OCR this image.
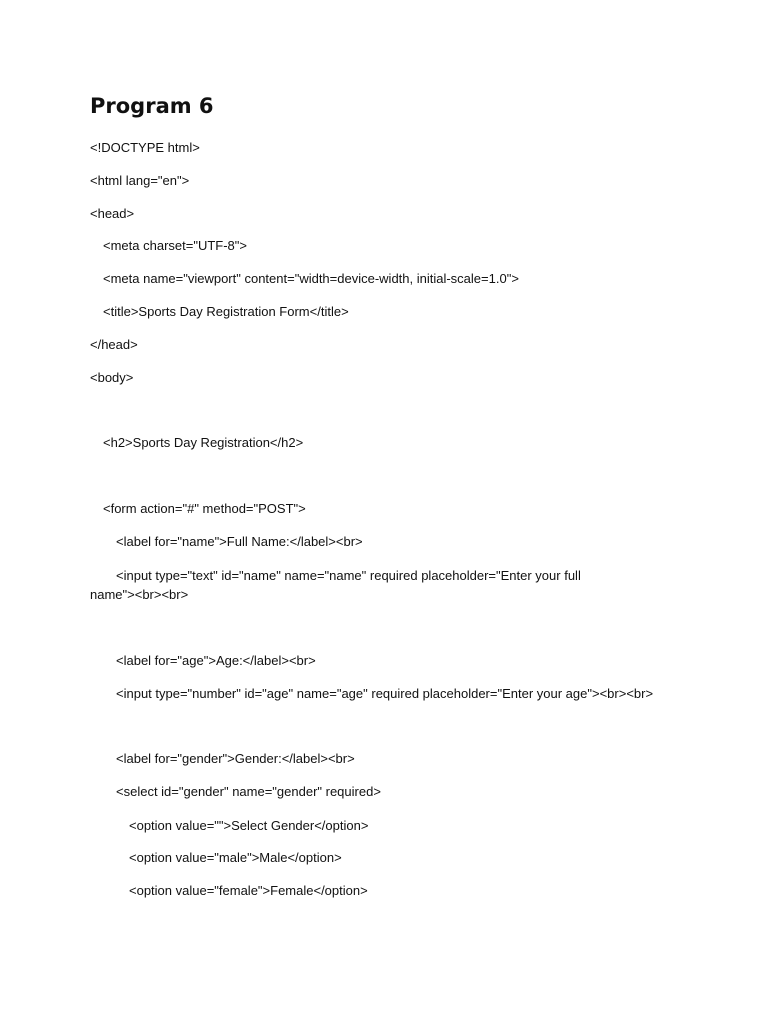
Program 6
<!DOCTYPE html>
<html lang="en">
<head>
<meta charset="UTF-8">
<meta name="viewport" content="width=device-width, initial-scale=1.0">
<title>Sports Day Registration Form</title>
</head>
<body>
<h2>Sports Day Registration</h2>
<form action="#" method="POST">
<label for="name">Full Name:</label><br>
<input type="text" id="name" name="name" required placeholder="Enter your full
name"><br><br>
<label for="age">Age:</label><br>
<input type="number" id="age" name="age" required placeholder="Enter your age"><br><br>
<label for="gender">Gender:</label><br>
<select id="gender" name="gender" required>
<option value="">Select Gender</option>
<option value="male">Male</option>
<option value="female">Female</option>
